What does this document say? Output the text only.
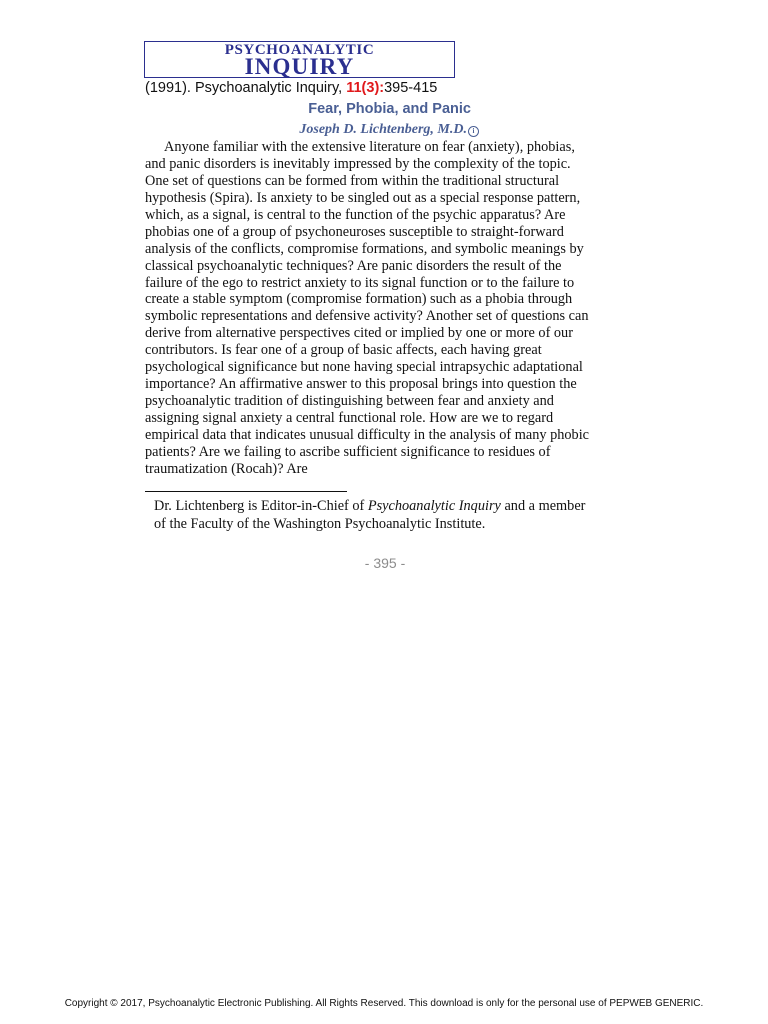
PSYCHOANALYTIC
INQUIRY
(1991). Psychoanalytic Inquiry, 11(3):395-415
Fear, Phobia, and Panic
Joseph D. Lichtenberg, M.D. i
Anyone familiar with the extensive literature on fear (anxiety), phobias,
and panic disorders is inevitably impressed by the complexity of the topic.
One set of questions can be formed from within the traditional structural
hypothesis (Spira). Is anxiety to be singled out as a special response pattern,
which, as a signal, is central to the function of the psychic apparatus? Are
phobias one of a group of psychoneuroses susceptible to straight-forward
analysis of the conflicts, compromise formations, and symbolic meanings by
classical psychoanalytic techniques? Are panic disorders the result of the
failure of the ego to restrict anxiety to its signal function or to the failure to
create a stable symptom (compromise formation) such as a phobia through
symbolic representations and defensive activity? Another set of questions can
derive from alternative perspectives cited or implied by one or more of our
contributors. Is fear one of a group of basic affects, each having great
psychological significance but none having special intrapsychic adaptational
importance? An affirmative answer to this proposal brings into question the
psychoanalytic tradition of distinguishing between fear and anxiety and
assigning signal anxiety a central functional role. How are we to regard
empirical data that indicates unusual difficulty in the analysis of many phobic
patients? Are we failing to ascribe sufficient significance to residues of
traumatization (Rocah)? Are
Dr. Lichtenberg is Editor-in-Chief of Psychoanalytic Inquiry and a member
of the Faculty of the Washington Psychoanalytic Institute.
- 395 -
Copyright © 2017, Psychoanalytic Electronic Publishing. All Rights Reserved. This download is only for the personal use of PEPWEB GENERIC.
